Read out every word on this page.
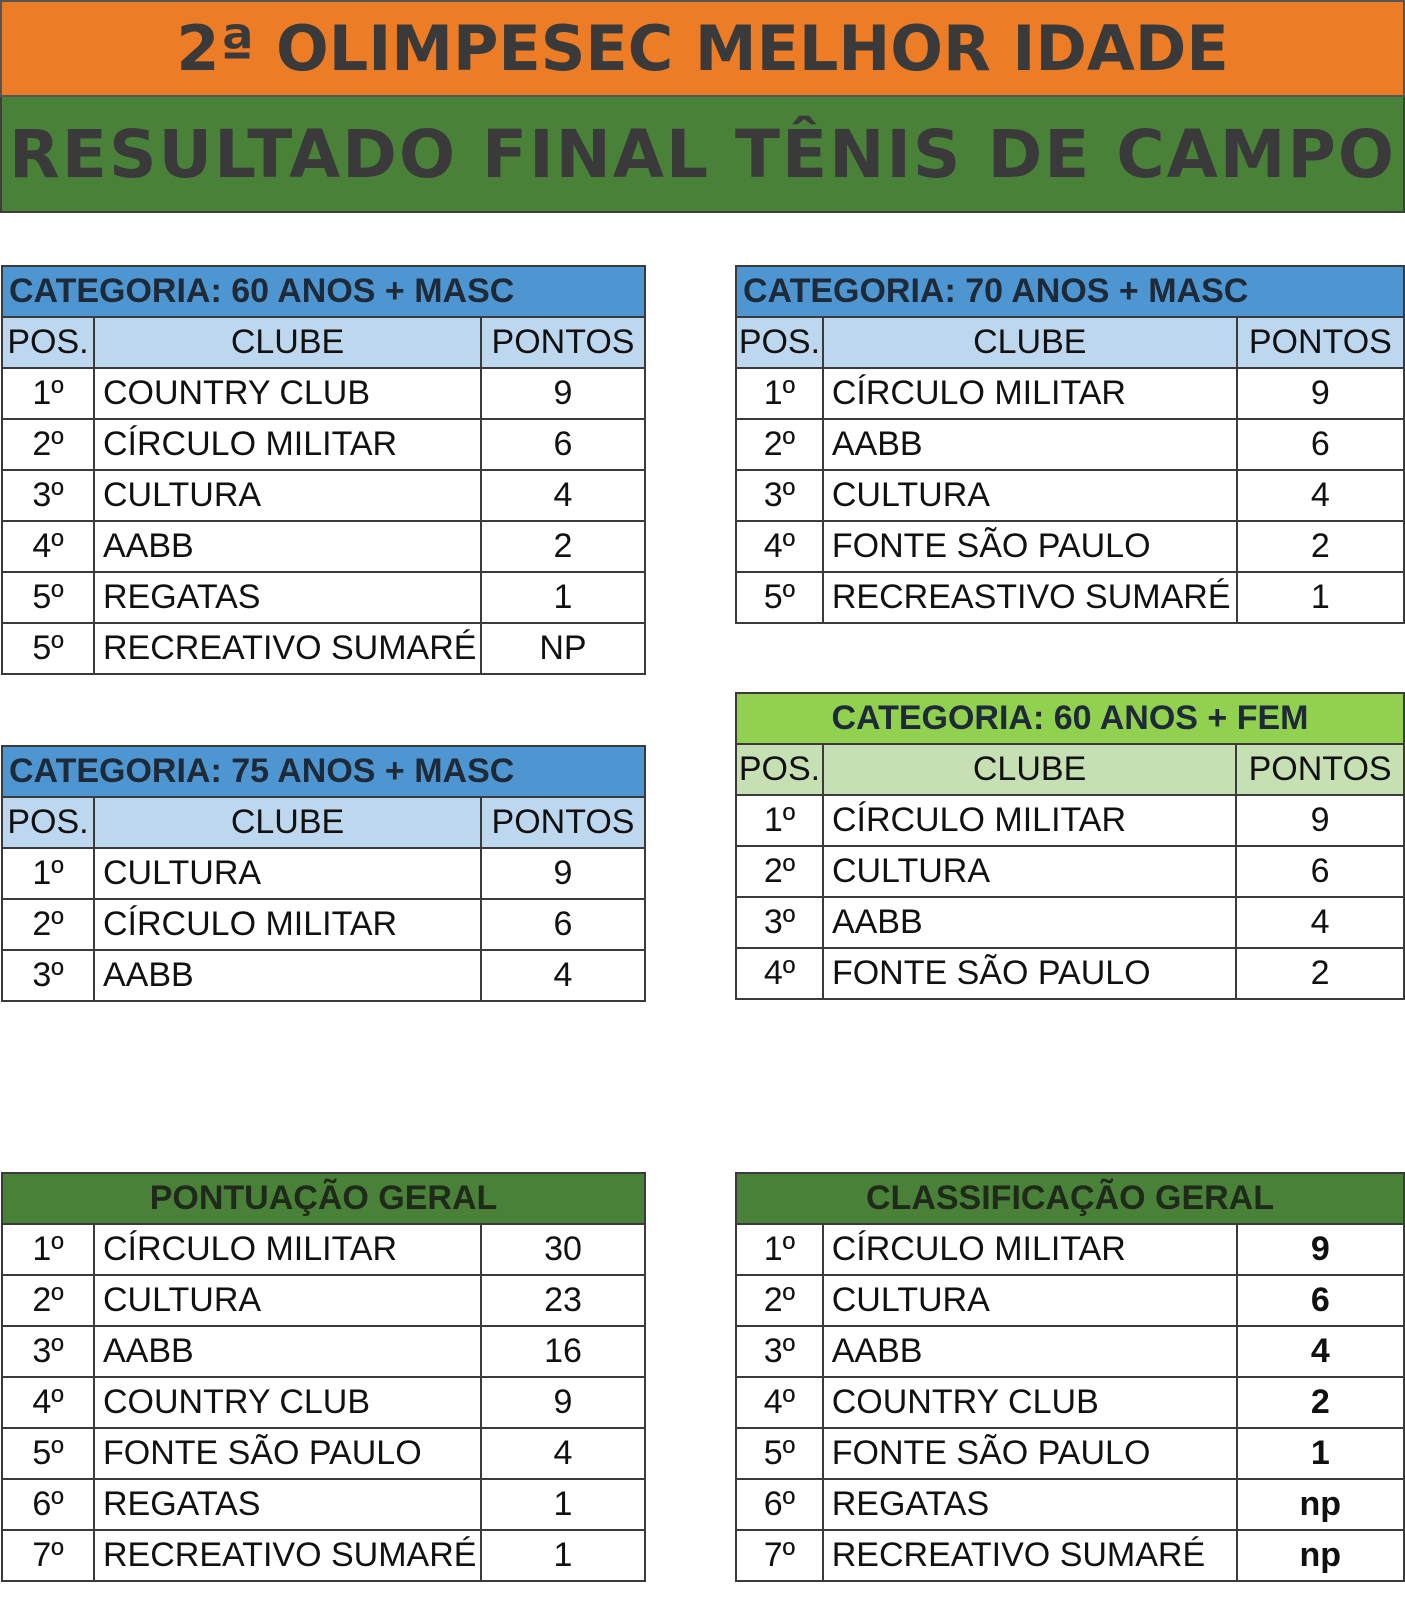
2ª OLIMPESEC MELHOR IDADE
RESULTADO FINAL TÊNIS DE CAMPO
CATEGORIA: 60 ANOS + MASC		
POS.	CLUBE	PONTOS
1º	COUNTRY CLUB	9
2º	CÍRCULO MILITAR	6
3º	CULTURA	4
4º	AABB	2
5º	REGATAS	1
5º	RECREATIVO SUMARÉ	NP
CATEGORIA: 70 ANOS + MASC		
POS.	CLUBE	PONTOS
1º	CÍRCULO MILITAR	9
2º	AABB	6
3º	CULTURA	4
4º	FONTE SÃO PAULO	2
5º	RECREASTIVO SUMARÉ	1
CATEGORIA: 75 ANOS + MASC		
POS.	CLUBE	PONTOS
1º	CULTURA	9
2º	CÍRCULO MILITAR	6
3º	AABB	4
CATEGORIA: 60 ANOS + FEM		
POS.	CLUBE	PONTOS
1º	CÍRCULO MILITAR	9
2º	CULTURA	6
3º	AABB	4
4º	FONTE SÃO PAULO	2
PONTUAÇÃO GERAL		
1º	CÍRCULO MILITAR	30
2º	CULTURA	23
3º	AABB	16
4º	COUNTRY CLUB	9
5º	FONTE SÃO PAULO	4
6º	REGATAS	1
7º	RECREATIVO SUMARÉ	1
CLASSIFICAÇÃO GERAL		
1º	CÍRCULO MILITAR	9
2º	CULTURA	6
3º	AABB	4
4º	COUNTRY CLUB	2
5º	FONTE SÃO PAULO	1
6º	REGATAS	np
7º	RECREATIVO SUMARÉ	np
